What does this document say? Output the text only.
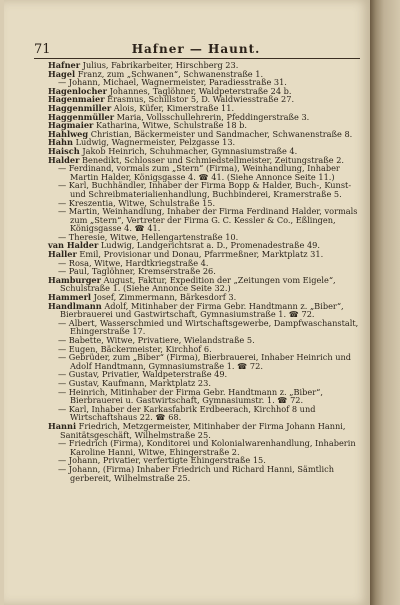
71	Hafner — Haunt.

Hafner Julius, Fabrikarbeiter, Hirschberg 23.

Hagel Franz, zum „Schwanen“, Schwanenstraße 1.

— Johann, Michael, Wagnermeister, Paradiesstraße 31.

Hagenlocher Johannes, Taglöhner, Waldpeterstraße 24 b.

Hagenmaier Erasmus, Schillstor 5, D. Waldwiesstraße 27.

Haggenmiller Alois, Küfer, Kimerstraße 11.

Haggenmüller Maria, Vollsschullehrerin, Pfeddingerstraße 3.

Hagmaier Katharina, Witwe, Schulstraße 18 b.

Hahlweg Christian, Bäckermeister und Sandmacher, Schwanenstraße 8.

Hahn Ludwig, Wagnermeister, Pelzgasse 13.

Haisch Jakob Heinrich, Schuhmacher, Gymnasiumstraße 4.

Halder Benedikt, Schlosser und Schmiedstellmeister, Zeitungstraße 2.

— Ferdinand, vormals zum „Stern“ (Firma), Weinhandlung, Inhaber Martin Halder, Königsgasse 4. ☎ 41. (Siehe Annonce Seite 11.)

— Karl, Buchhändler, Inhaber der Firma Bopp & Halder, Buch-, Kunst- und Schreibmaterialienhandlung, Buchbinderei, Kramerstraße 5.

— Kreszentia, Witwe, Schulstraße 15.

— Martin, Weinhandlung, Inhaber der Firma Ferdinand Halder, vormals zum „Stern“, Vertreter der Firma G. C. Kessler & Co., Eßlingen, Königsgasse 4. ☎ 41.

— Theresie, Witwe, Hellengartenstraße 10.

van Halder Ludwig, Landgerichtsrat a. D., Promenadestraße 49.

Haller Emil, Provisionar und Donau, Pfarrmeßner, Marktplatz 31.

— Rosa, Witwe, Hardtkriegstraße 4.

— Paul, Taglöhner, Kremserstraße 26.

Hamburger August, Faktur, Expedition der „Zeitungen vom Eigele“, Schulstraße 1. (Siehe Annonce Seite 32.)

Hammerl Josef, Zimmermann, Bärkesdorf 3.

Handlmann Adolf, Mitinhaber der Firma Gebr. Handtmann z. „Biber“, Bierbrauerei und Gastwirtschaft, Gymnasiumstraße 1. ☎ 72.

— Albert, Wasserschmied und Wirtschaftsgewerbe, Dampfwaschanstalt, Ehingerstraße 17.

— Babette, Witwe, Privatiere, Wielandstraße 5.

— Eugen, Bäckermeister, Kirchhof 6.

— Gebrüder, zum „Biber“ (Firma), Bierbrauerei, Inhaber Heinrich und Adolf Handtmann, Gymnasiumstraße 1. ☎ 72.

— Gustav, Privatier, Waldpeterstraße 49.

— Gustav, Kaufmann, Marktplatz 23.

— Heinrich, Mitinhaber der Firma Gebr. Handtmann z. „Biber“, Bierbrauerei u. Gastwirtschaft, Gymnasiumstr. 1. ☎ 72.

— Karl, Inhaber der Karkasfabrik Erdbeerach, Kirchhof 8 und Wirtschaftshaus 22. ☎ 68.

Hanni Friedrich, Metzgermeister, Mitinhaber der Firma Johann Hanni, Sanitätsgeschäft, Wilhelmstraße 25.

— Friedrich (Firma), Konditorei und Kolonialwarenhandlung, Inhaberin Karoline Hanni, Witwe, Ehingerstraße 2.

— Johann, Privatier, verfertigte Ehingerstraße 15.

— Johann, (Firma) Inhaber Friedrich und Richard Hanni, Sämtlich gerbereit, Wilhelmstraße 25.
